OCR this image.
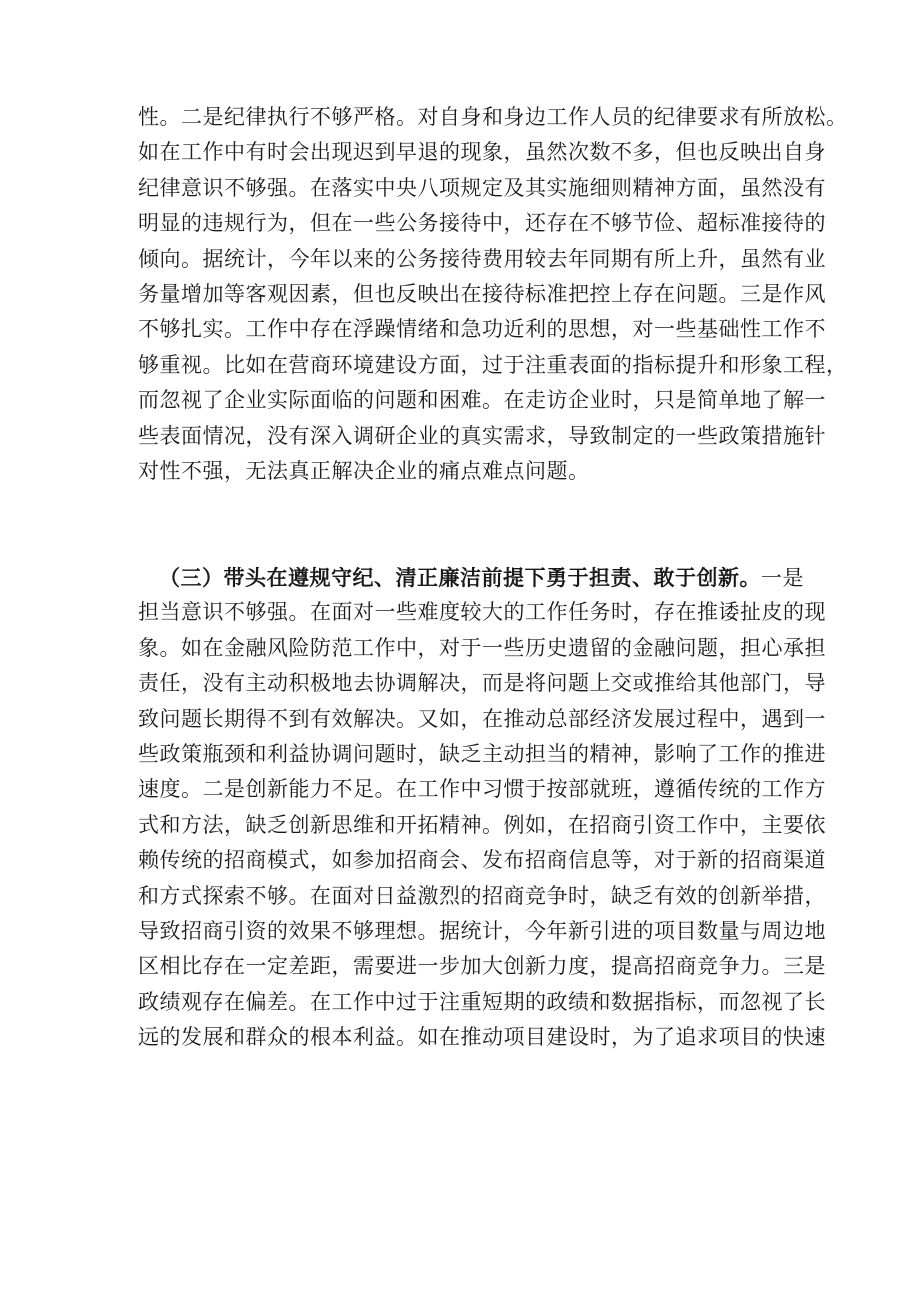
性。二是纪律执行不够严格。对自身和身边工作人员的纪律要求有所放松。
如在工作中有时会出现迟到早退的现象，虽然次数不多，但也反映出自身
纪律意识不够强。在落实中央八项规定及其实施细则精神方面，虽然没有
明显的违规行为，但在一些公务接待中，还存在不够节俭、超标准接待的
倾向。据统计，今年以来的公务接待费用较去年同期有所上升，虽然有业
务量增加等客观因素，但也反映出在接待标准把控上存在问题。三是作风
不够扎实。工作中存在浮躁情绪和急功近利的思想，对一些基础性工作不
够重视。比如在营商环境建设方面，过于注重表面的指标提升和形象工程，
而忽视了企业实际面临的问题和困难。在走访企业时，只是简单地了解一
些表面情况，没有深入调研企业的真实需求，导致制定的一些政策措施针
对性不强，无法真正解决企业的痛点难点问题。
（三）带头在遵规守纪、清正廉洁前提下勇于担责、敢于创新。一是
担当意识不够强。在面对一些难度较大的工作任务时，存在推诿扯皮的现
象。如在金融风险防范工作中，对于一些历史遗留的金融问题，担心承担
责任，没有主动积极地去协调解决，而是将问题上交或推给其他部门，导
致问题长期得不到有效解决。又如，在推动总部经济发展过程中，遇到一
些政策瓶颈和利益协调问题时，缺乏主动担当的精神，影响了工作的推进
速度。二是创新能力不足。在工作中习惯于按部就班，遵循传统的工作方
式和方法，缺乏创新思维和开拓精神。例如，在招商引资工作中，主要依
赖传统的招商模式，如参加招商会、发布招商信息等，对于新的招商渠道
和方式探索不够。在面对日益激烈的招商竞争时，缺乏有效的创新举措，
导致招商引资的效果不够理想。据统计，今年新引进的项目数量与周边地
区相比存在一定差距，需要进一步加大创新力度，提高招商竞争力。三是
政绩观存在偏差。在工作中过于注重短期的政绩和数据指标，而忽视了长
远的发展和群众的根本利益。如在推动项目建设时，为了追求项目的快速
